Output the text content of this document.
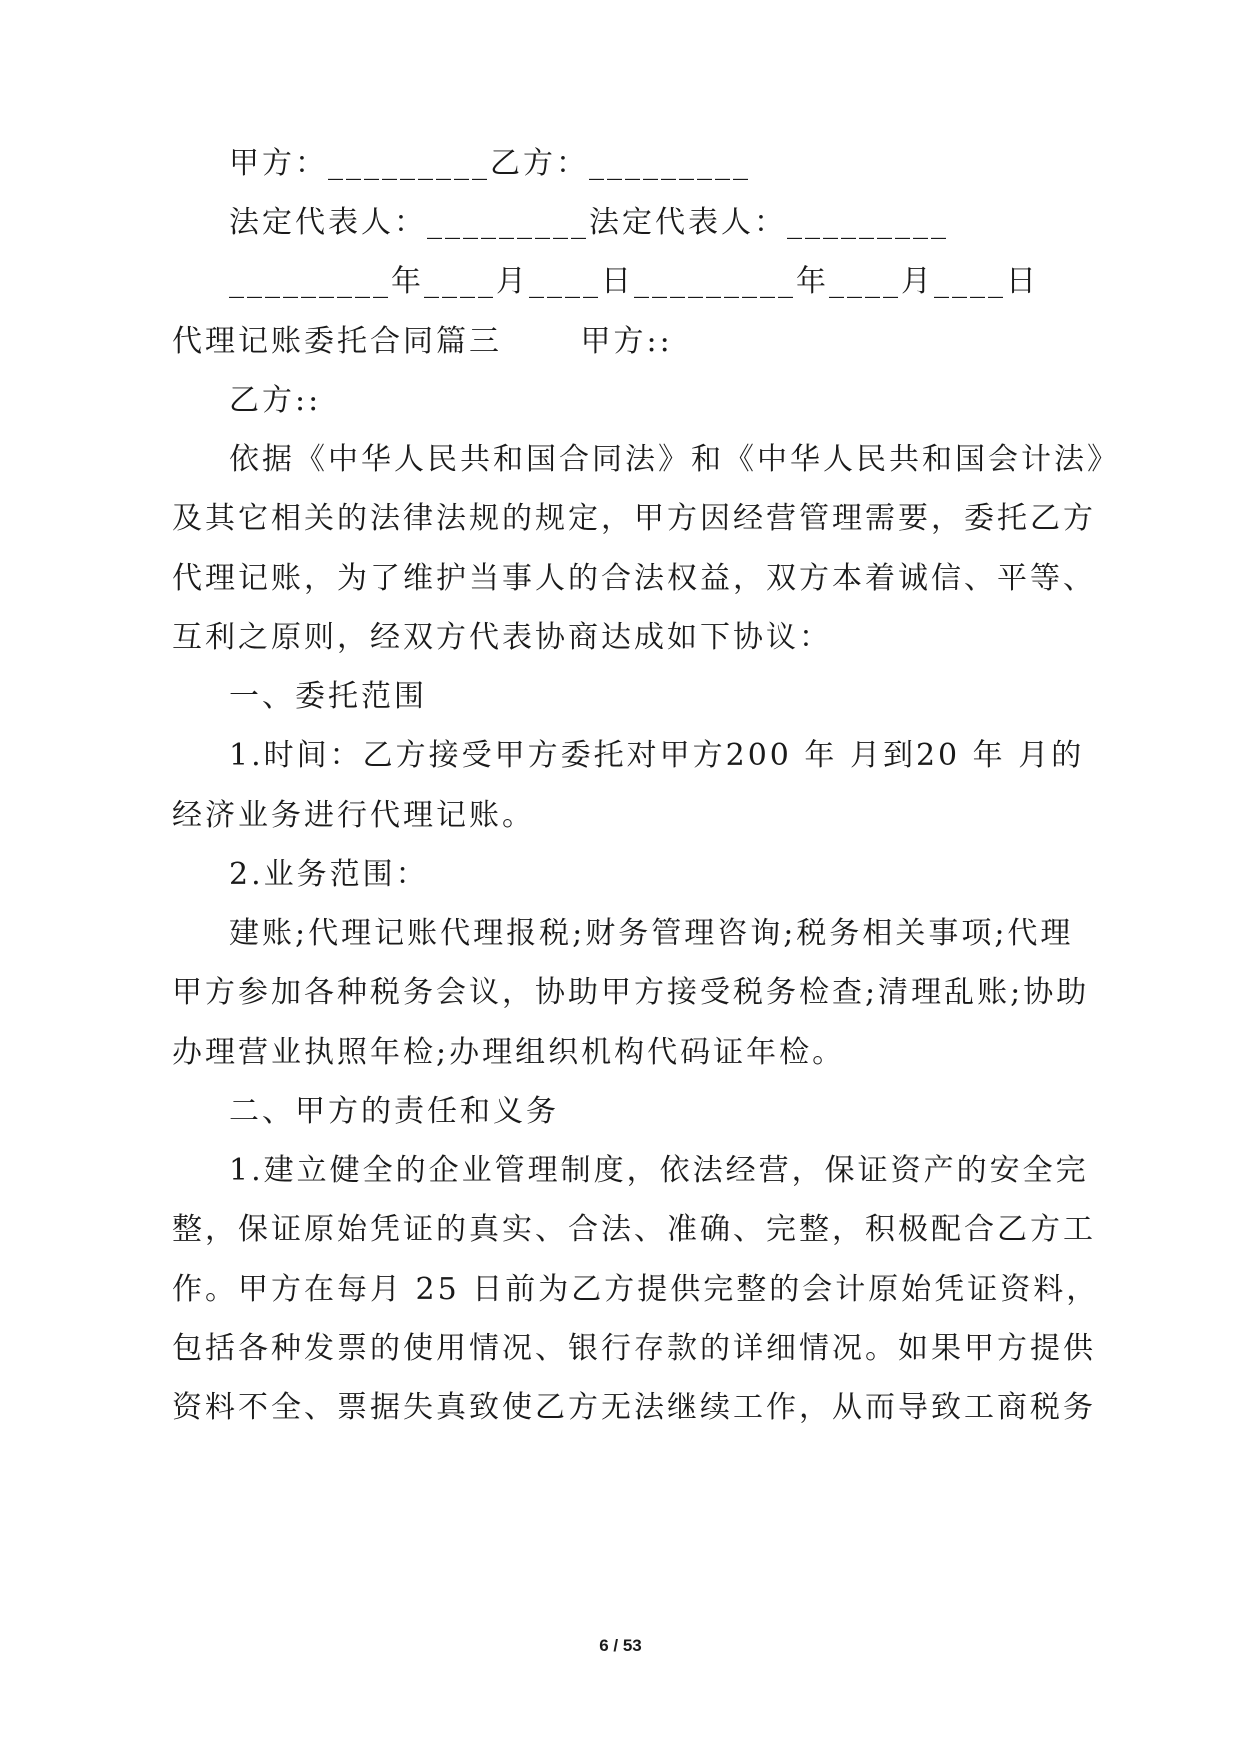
甲方：_________乙方：_________
法定代表人：_________法定代表人：_________
_________年____月____日_________年____月____日
代理记账委托合同篇三　　 甲方::
乙方::
依据《中华人民共和国合同法》和《中华人民共和国会计法》
及其它相关的法律法规的规定，甲方因经营管理需要，委托乙方
代理记账，为了维护当事人的合法权益，双方本着诚信、平等、
互利之原则，经双方代表协商达成如下协议：
一、委托范围
1.时间：乙方接受甲方委托对甲方200 年 月到20 年 月的
经济业务进行代理记账。
2.业务范围：
建账;代理记账代理报税;财务管理咨询;税务相关事项;代理
甲方参加各种税务会议，协助甲方接受税务检查;清理乱账;协助
办理营业执照年检;办理组织机构代码证年检。
二、甲方的责任和义务
1.建立健全的企业管理制度，依法经营，保证资产的安全完
整，保证原始凭证的真实、合法、准确、完整，积极配合乙方工
作。甲方在每月 25 日前为乙方提供完整的会计原始凭证资料，
包括各种发票的使用情况、银行存款的详细情况。如果甲方提供
资料不全、票据失真致使乙方无法继续工作，从而导致工商税务
6 / 53
